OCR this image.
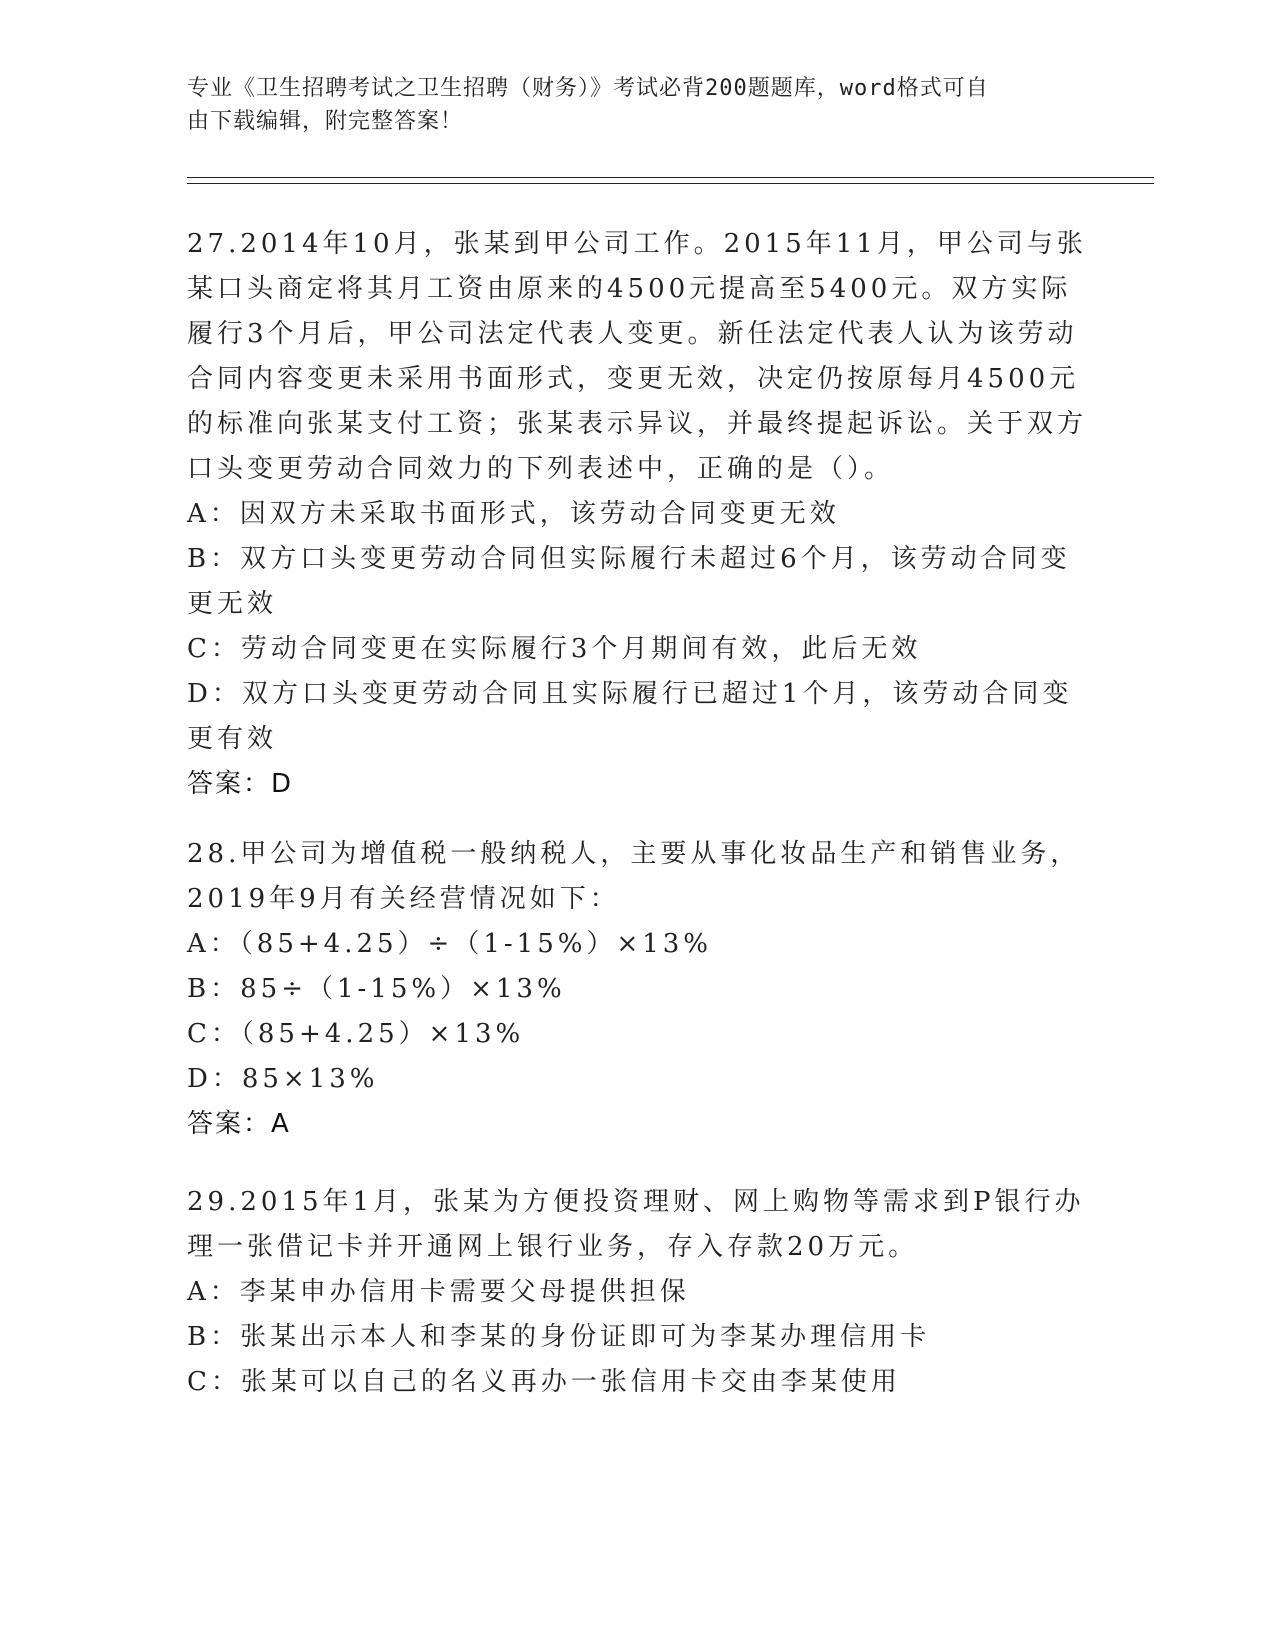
专业《卫生招聘考试之卫生招聘（财务）》考试必背200题题库，word格式可自
由下载编辑，附完整答案！

27.2014年10月，张某到甲公司工作。2015年11月，甲公司与张某口头商定将其月工资由原来的4500元提高至5400元。双方实际履行3个月后，甲公司法定代表人变更。新任法定代表人认为该劳动合同内容变更未采用书面形式，变更无效，决定仍按原每月4500元的标准向张某支付工资；张某表示异议，并最终提起诉讼。关于双方口头变更劳动合同效力的下列表述中，正确的是（）。

A：因双方未采取书面形式，该劳动合同变更无效

B：双方口头变更劳动合同但实际履行未超过6个月，该劳动合同变更无效

C：劳动合同变更在实际履行3个月期间有效，此后无效

D：双方口头变更劳动合同且实际履行已超过1个月，该劳动合同变更有效

答案：D

28.甲公司为增值税一般纳税人，主要从事化妆品生产和销售业务，2019年9月有关经营情况如下：

A：（85+4.25）÷（1-15%）×13%

B：85÷（1-15%）×13%

C：（85+4.25）×13%

D：85×13%

答案：A

29.2015年1月，张某为方便投资理财、网上购物等需求到P银行办理一张借记卡并开通网上银行业务，存入存款20万元。

A：李某申办信用卡需要父母提供担保

B：张某出示本人和李某的身份证即可为李某办理信用卡

C：张某可以自己的名义再办一张信用卡交由李某使用
